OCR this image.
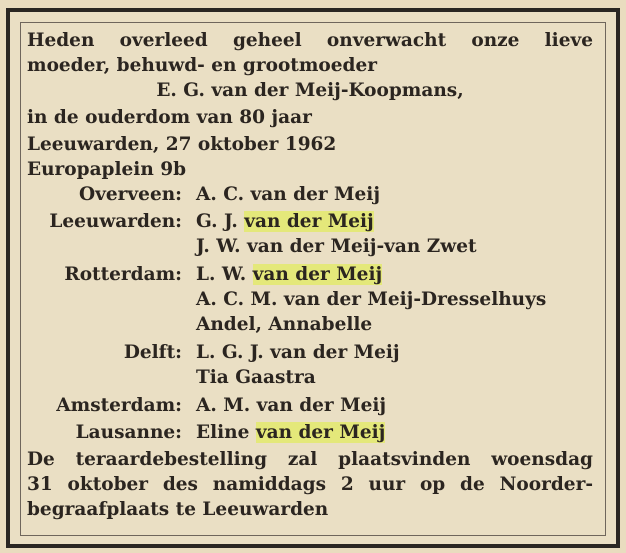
Heden overleed geheel onverwacht onze lieve
moeder, behuwd- en grootmoeder
E. G. van der Meij-Koopmans,
in de ouderdom van 80 jaar
Leeuwarden, 27 oktober 1962
Europaplein 9b
Overveen: A. C. van der Meij
Leeuwarden: G. J. van der Meij
J. W. van der Meij-van Zwet
Rotterdam: L. W. van der Meij
A. C. M. van der Meij-Dresselhuys
Andel, Annabelle
Delft: L. G. J. van der Meij
Tia Gaastra
Amsterdam: A. M. van der Meij
Lausanne: Eline van der Meij
De teraardebestelling zal plaatsvinden woensdag
31 oktober des namiddags 2 uur op de Noorder-
begraafplaats te Leeuwarden
